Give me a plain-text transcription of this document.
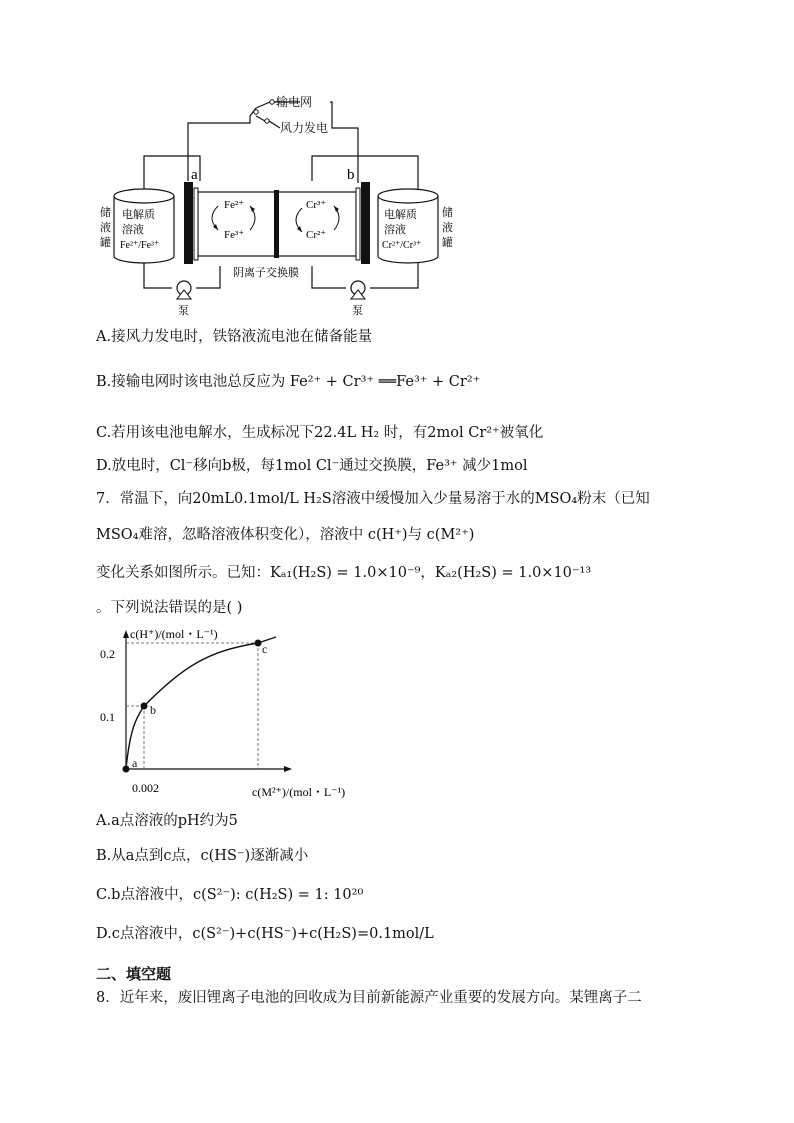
输电网
风力发电
电解质
溶液
Fe²⁺/Fe³⁺
储
液
罐
电解质
溶液
Cr²⁺/Cr³⁺
储
液
罐
a	b
Fe²⁺
Fe³⁺
Cr³⁺
Cr²⁺
阴离子交换膜
泵	泵
A.接风力发电时，铁铬液流电池在储备能量
B.接输电网时该电池总反应为 Fe²⁺ + Cr³⁺ ══Fe³⁺ + Cr²⁺
C.若用该电池电解水，生成标况下22.4L H₂ 时，有2mol Cr²⁺被氧化
D.放电时，Cl⁻移向b极，每1mol Cl⁻通过交换膜，Fe³⁺ 减少1mol
7．常温下，向20mL0.1mol/L H₂S溶液中缓慢加入少量易溶于水的MSO₄粉末（已知
MSO₄难溶，忽略溶液体积变化），溶液中 c(H⁺)与 c(M²⁺)
变化关系如图所示。已知：Kₐ₁(H₂S) = 1.0×10⁻⁹，Kₐ₂(H₂S) = 1.0×10⁻¹³
。下列说法错误的是( )
c(H⁺)/(mol・L⁻¹)
c(M²⁺)/(mol・L⁻¹)
0.2
0.1
0.002
a
b
c
A.a点溶液的pH约为5
B.从a点到c点，c(HS⁻)逐渐减小
C.b点溶液中，c(S²⁻): c(H₂S) = 1: 10²⁰
D.c点溶液中，c(S²⁻)+c(HS⁻)+c(H₂S)=0.1mol/L
二、填空题
8．近年来，废旧锂离子电池的回收成为目前新能源产业重要的发展方向。某锂离子二
